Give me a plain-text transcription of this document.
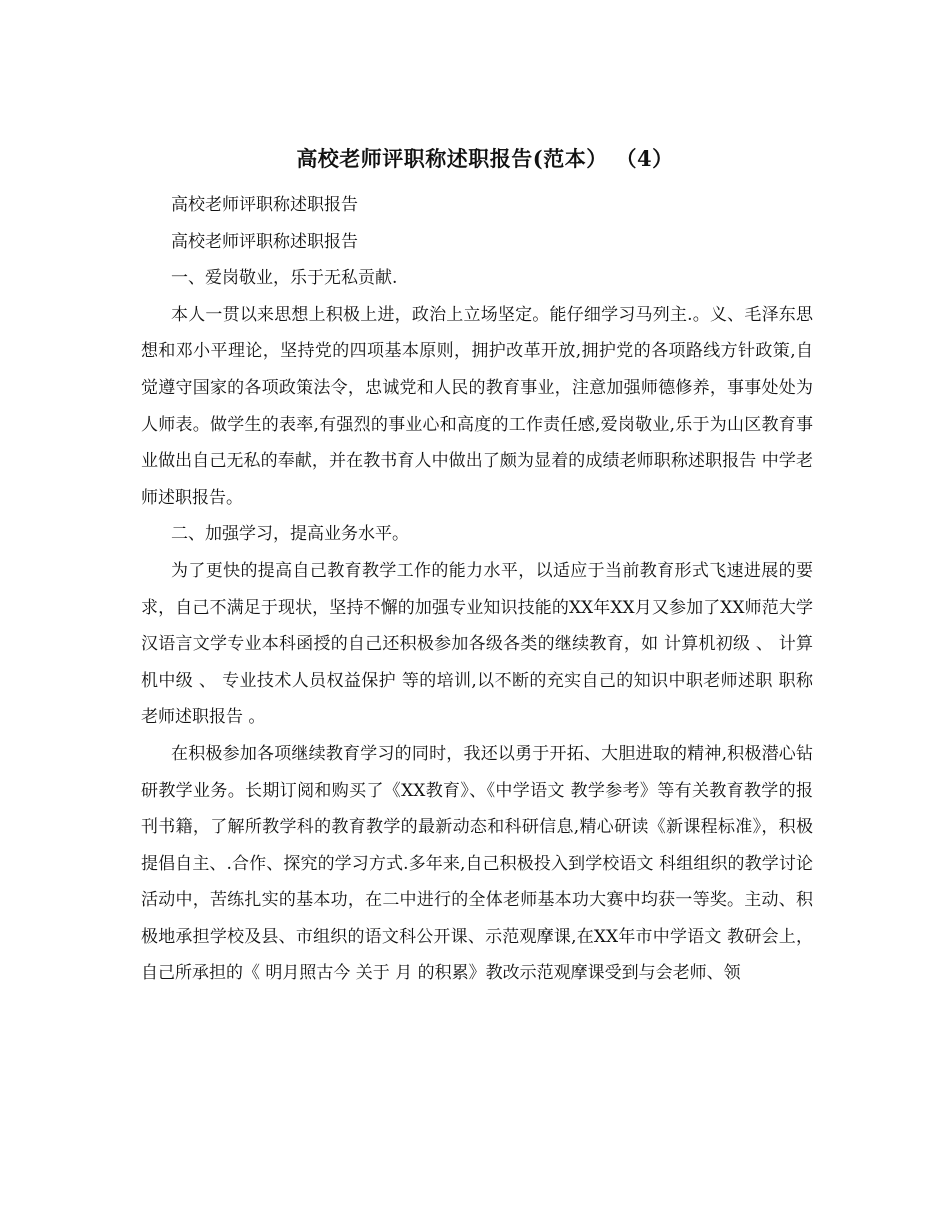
高校老师评职称述职报告(范本） （4）

高校老师评职称述职报告

高校老师评职称述职报告

一、爱岗敬业，乐于无私贡献.

本人一贯以来思想上积极上进，政治上立场坚定。能仔细学习马列主.。义、毛泽东思想和邓小平理论，坚持党的四项基本原则，拥护改革开放,拥护党的各项路线方针政策,自觉遵守国家的各项政策法令，忠诚党和人民的教育事业，注意加强师德修养，事事处处为人师表。做学生的表率,有强烈的事业心和高度的工作责任感,爱岗敬业,乐于为山区教育事业做出自己无私的奉献，并在教书育人中做出了颇为显着的成绩老师职称述职报告 中学老师述职报告。

二、加强学习，提高业务水平。

为了更快的提高自己教育教学工作的能力水平，以适应于当前教育形式飞速进展的要求，自己不满足于现状，坚持不懈的加强专业知识技能的XX年XX月又参加了XX师范大学汉语言文学专业本科函授的自己还积极参加各级各类的继续教育，如 计算机初级 、 计算机中级 、 专业技术人员权益保护 等的培训,以不断的充实自己的知识中职老师述职 职称 老师述职报告 。

在积极参加各项继续教育学习的同时，我还以勇于开拓、大胆进取的精神,积极潜心钻研教学业务。长期订阅和购买了《XX教育》、《中学语文 教学参考》等有关教育教学的报刊书籍，了解所教学科的教育教学的最新动态和科研信息,精心研读《新课程标准》，积极提倡自主、.合作、探究的学习方式.多年来,自己积极投入到学校语文 科组组织的教学讨论活动中，苦练扎实的基本功，在二中进行的全体老师基本功大赛中均获一等奖。主动、积极地承担学校及县、市组织的语文科公开课、示范观摩课,在XX年市中学语文 教研会上，自己所承担的《 明月照古今 关于 月 的积累》教改示范观摩课受到与会老师、领
